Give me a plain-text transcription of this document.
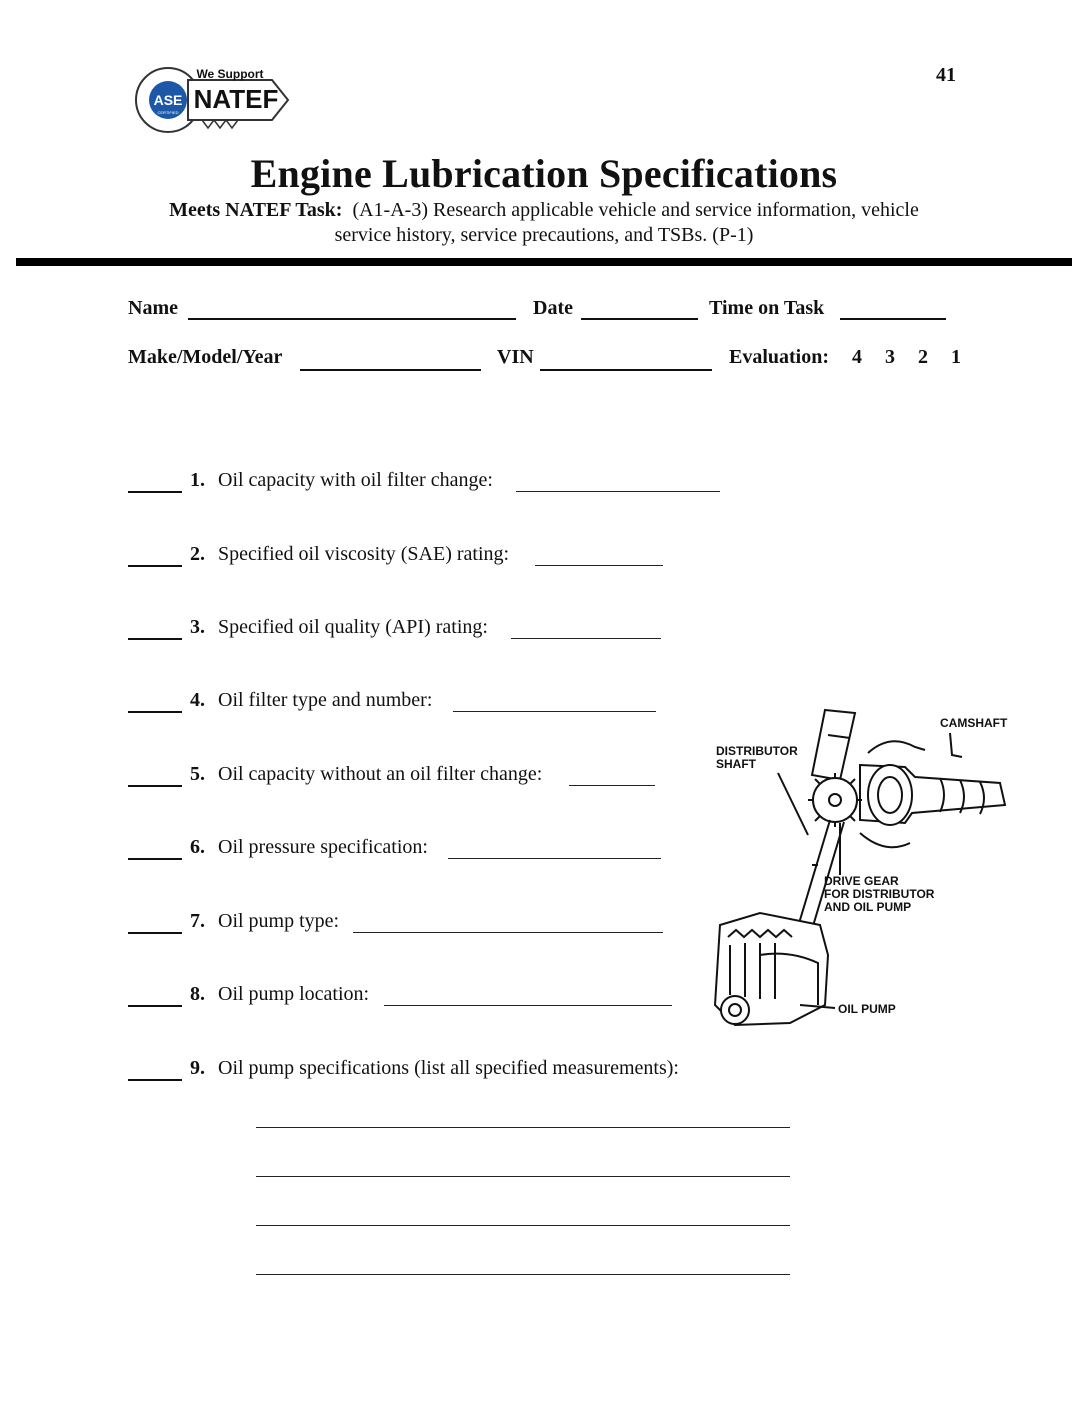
41
ASE
CERTIFIED
We Support
NATEF
Engine Lubrication Specifications
Meets NATEF Task: (A1-A-3) Research applicable vehicle and service information, vehicle
service history, service precautions, and TSBs. (P-1)
Name	Date	Time on Task
Make/Model/Year	VIN	Evaluation: 4 3 2 1
1. Oil capacity with oil filter change:
2. Specified oil viscosity (SAE) rating:
3. Specified oil quality (API) rating:
4. Oil filter type and number:
5. Oil capacity without an oil filter change:
6. Oil pressure specification:
7. Oil pump type:
8. Oil pump location:
9. Oil pump specifications (list all specified measurements):

DISTRIBUTOR
SHAFT
CAMSHAFT
DRIVE GEAR
FOR DISTRIBUTOR
AND OIL PUMP
OIL PUMP
